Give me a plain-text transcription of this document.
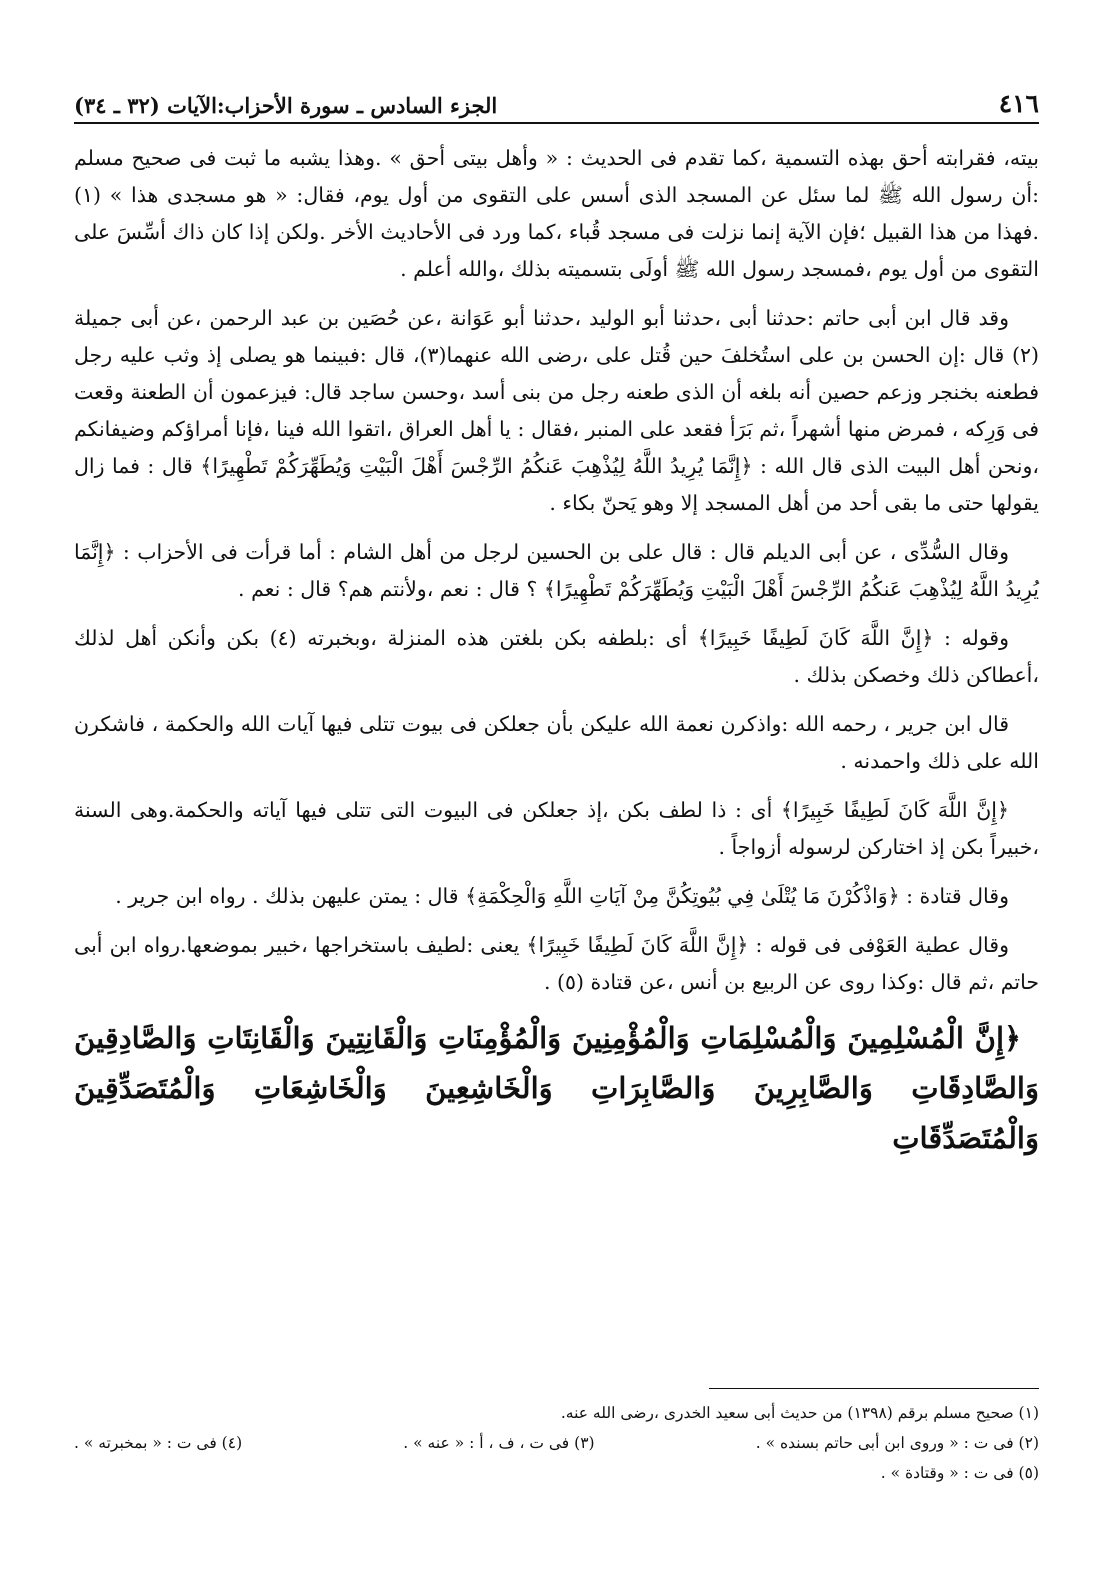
٤١٦
الجزء السادس ـ سورة الأحزاب:الآيات (٣٢ ـ ٣٤)

بيته، فقرابته أحق بهذه التسمية ،كما تقدم فى الحديث : « وأهل بيتى أحق » .وهذا يشبه ما ثبت فى صحيح مسلم :أن رسول الله ﷺ لما سئل عن المسجد الذى أسس على التقوى من أول يوم، فقال: « هو مسجدى هذا » (١) .فهذا من هذا القبيل ؛فإن الآية إنما نزلت فى مسجد قُباء ،كما ورد فى الأحاديث الأخر .ولكن إذا كان ذاك أسِّسَ على التقوى من أول يوم ،فمسجد رسول الله ﷺ أولَى بتسميته بذلك ،والله أعلم .

وقد قال ابن أبى حاتم :حدثنا أبى ،حدثنا أبو الوليد ،حدثنا أبو عَوَانة ،عن حُصَين بن عبد الرحمن ،عن أبى جميلة (٢) قال :إن الحسن بن على استُخلفَ حين قُتل على ،رضى الله عنهما(٣)، قال :فبينما هو يصلى إذ وثب عليه رجل فطعنه بخنجر وزعم حصين أنه بلغه أن الذى طعنه رجل من بنى أسد ،وحسن ساجد قال: فيزعمون أن الطعنة وقعت فى وَرِكه ، فمرض منها أشهراً ،ثم بَرَأ فقعد على المنبر ،فقال : يا أهل العراق ،اتقوا الله فينا ،فإنا أمراؤكم وضيفانكم ،ونحن أهل البيت الذى قال الله : ﴿إِنَّمَا يُرِيدُ اللَّهُ لِيُذْهِبَ عَنكُمُ الرِّجْسَ أَهْلَ الْبَيْتِ وَيُطَهِّرَكُمْ تَطْهِيرًا﴾ قال : فما زال يقولها حتى ما بقى أحد من أهل المسجد إلا وهو يَحنّ بكاء .

وقال السُّدِّى ، عن أبى الديلم قال : قال على بن الحسين لرجل من أهل الشام : أما قرأت فى الأحزاب : ﴿إِنَّمَا يُرِيدُ اللَّهُ لِيُذْهِبَ عَنكُمُ الرِّجْسَ أَهْلَ الْبَيْتِ وَيُطَهِّرَكُمْ تَطْهِيرًا﴾ ؟ قال : نعم ،ولأنتم هم؟ قال : نعم .

وقوله : ﴿إِنَّ اللَّهَ كَانَ لَطِيفًا خَبِيرًا﴾ أى :بلطفه بكن بلغتن هذه المنزلة ،وبخبرته (٤) بكن وأنكن أهل لذلك ،أعطاكن ذلك وخصكن بذلك .

قال ابن جرير ، رحمه الله :واذكرن نعمة الله عليكن بأن جعلكن فى بيوت تتلى فيها آيات الله والحكمة ، فاشكرن الله على ذلك واحمدنه .

﴿إِنَّ اللَّهَ كَانَ لَطِيفًا خَبِيرًا﴾ أى : ذا لطف بكن ،إذ جعلكن فى البيوت التى تتلى فيها آياته والحكمة.وهى السنة ،خبيراً بكن إذ اختاركن لرسوله أزواجاً .

وقال قتادة : ﴿وَاذْكُرْنَ مَا يُتْلَىٰ فِي بُيُوتِكُنَّ مِنْ آيَاتِ اللَّهِ وَالْحِكْمَةِ﴾ قال : يمتن عليهن بذلك . رواه ابن جرير .

وقال عطية العَوْفى فى قوله : ﴿إِنَّ اللَّهَ كَانَ لَطِيفًا خَبِيرًا﴾ يعنى :لطيف باستخراجها ،خبير بموضعها.رواه ابن أبى حاتم ،ثم قال :وكذا روى عن الربيع بن أنس ،عن قتادة (٥) .

﴿إِنَّ الْمُسْلِمِينَ وَالْمُسْلِمَاتِ وَالْمُؤْمِنِينَ وَالْمُؤْمِنَاتِ وَالْقَانِتِينَ وَالْقَانِتَاتِ وَالصَّادِقِينَ وَالصَّادِقَاتِ وَالصَّابِرِينَ وَالصَّابِرَاتِ وَالْخَاشِعِينَ وَالْخَاشِعَاتِ وَالْمُتَصَدِّقِينَ وَالْمُتَصَدِّقَاتِ

(١) صحيح مسلم برقم (١٣٩٨) من حديث أبى سعيد الخدرى ،رضى الله عنه.
(٢) فى ت : « وروى ابن أبى حاتم بسنده » .
(٣) فى ت ، ف ، أ : « عنه » .
(٤) فى ت : « بمخبرته » .
(٥) فى ت : « وقتادة » .
